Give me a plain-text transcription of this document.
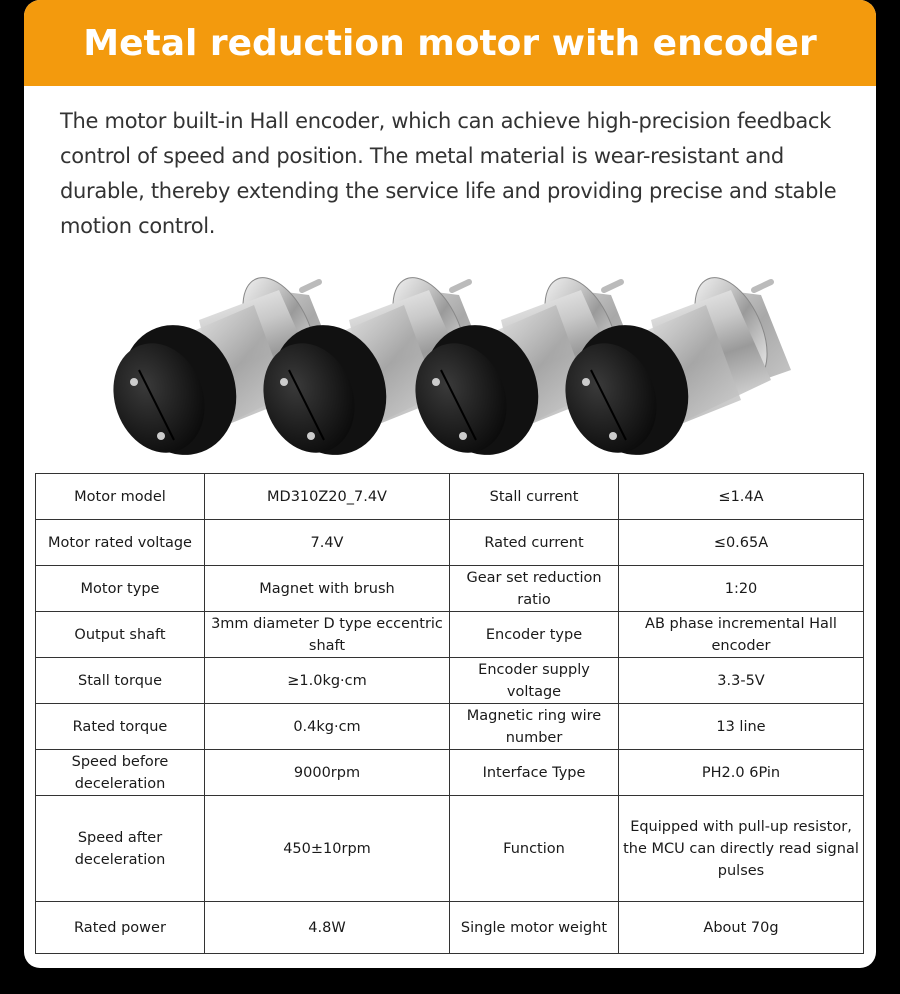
Metal reduction motor with encoder

The motor built-in Hall encoder, which can achieve high-precision feedback control of speed and position. The metal material is wear-resistant and durable, thereby extending the service life and providing precise and stable motion control.

Motor model	MD310Z20_7.4V	Stall current	≤1.4A
Motor rated voltage	7.4V	Rated current	≤0.65A
Motor type	Magnet with brush	Gear set reduction ratio	1:20
Output shaft	3mm diameter D type eccentric shaft	Encoder type	AB phase incremental Hall encoder
Stall torque	≥1.0kg·cm	Encoder supply voltage	3.3-5V
Rated torque	0.4kg·cm	Magnetic ring wire number	13 line
Speed before deceleration	9000rpm	Interface Type	PH2.0 6Pin
Speed after deceleration	450±10rpm	Function	Equipped with pull-up resistor, the MCU can directly read signal pulses
Rated power	4.8W	Single motor weight	About 70g
